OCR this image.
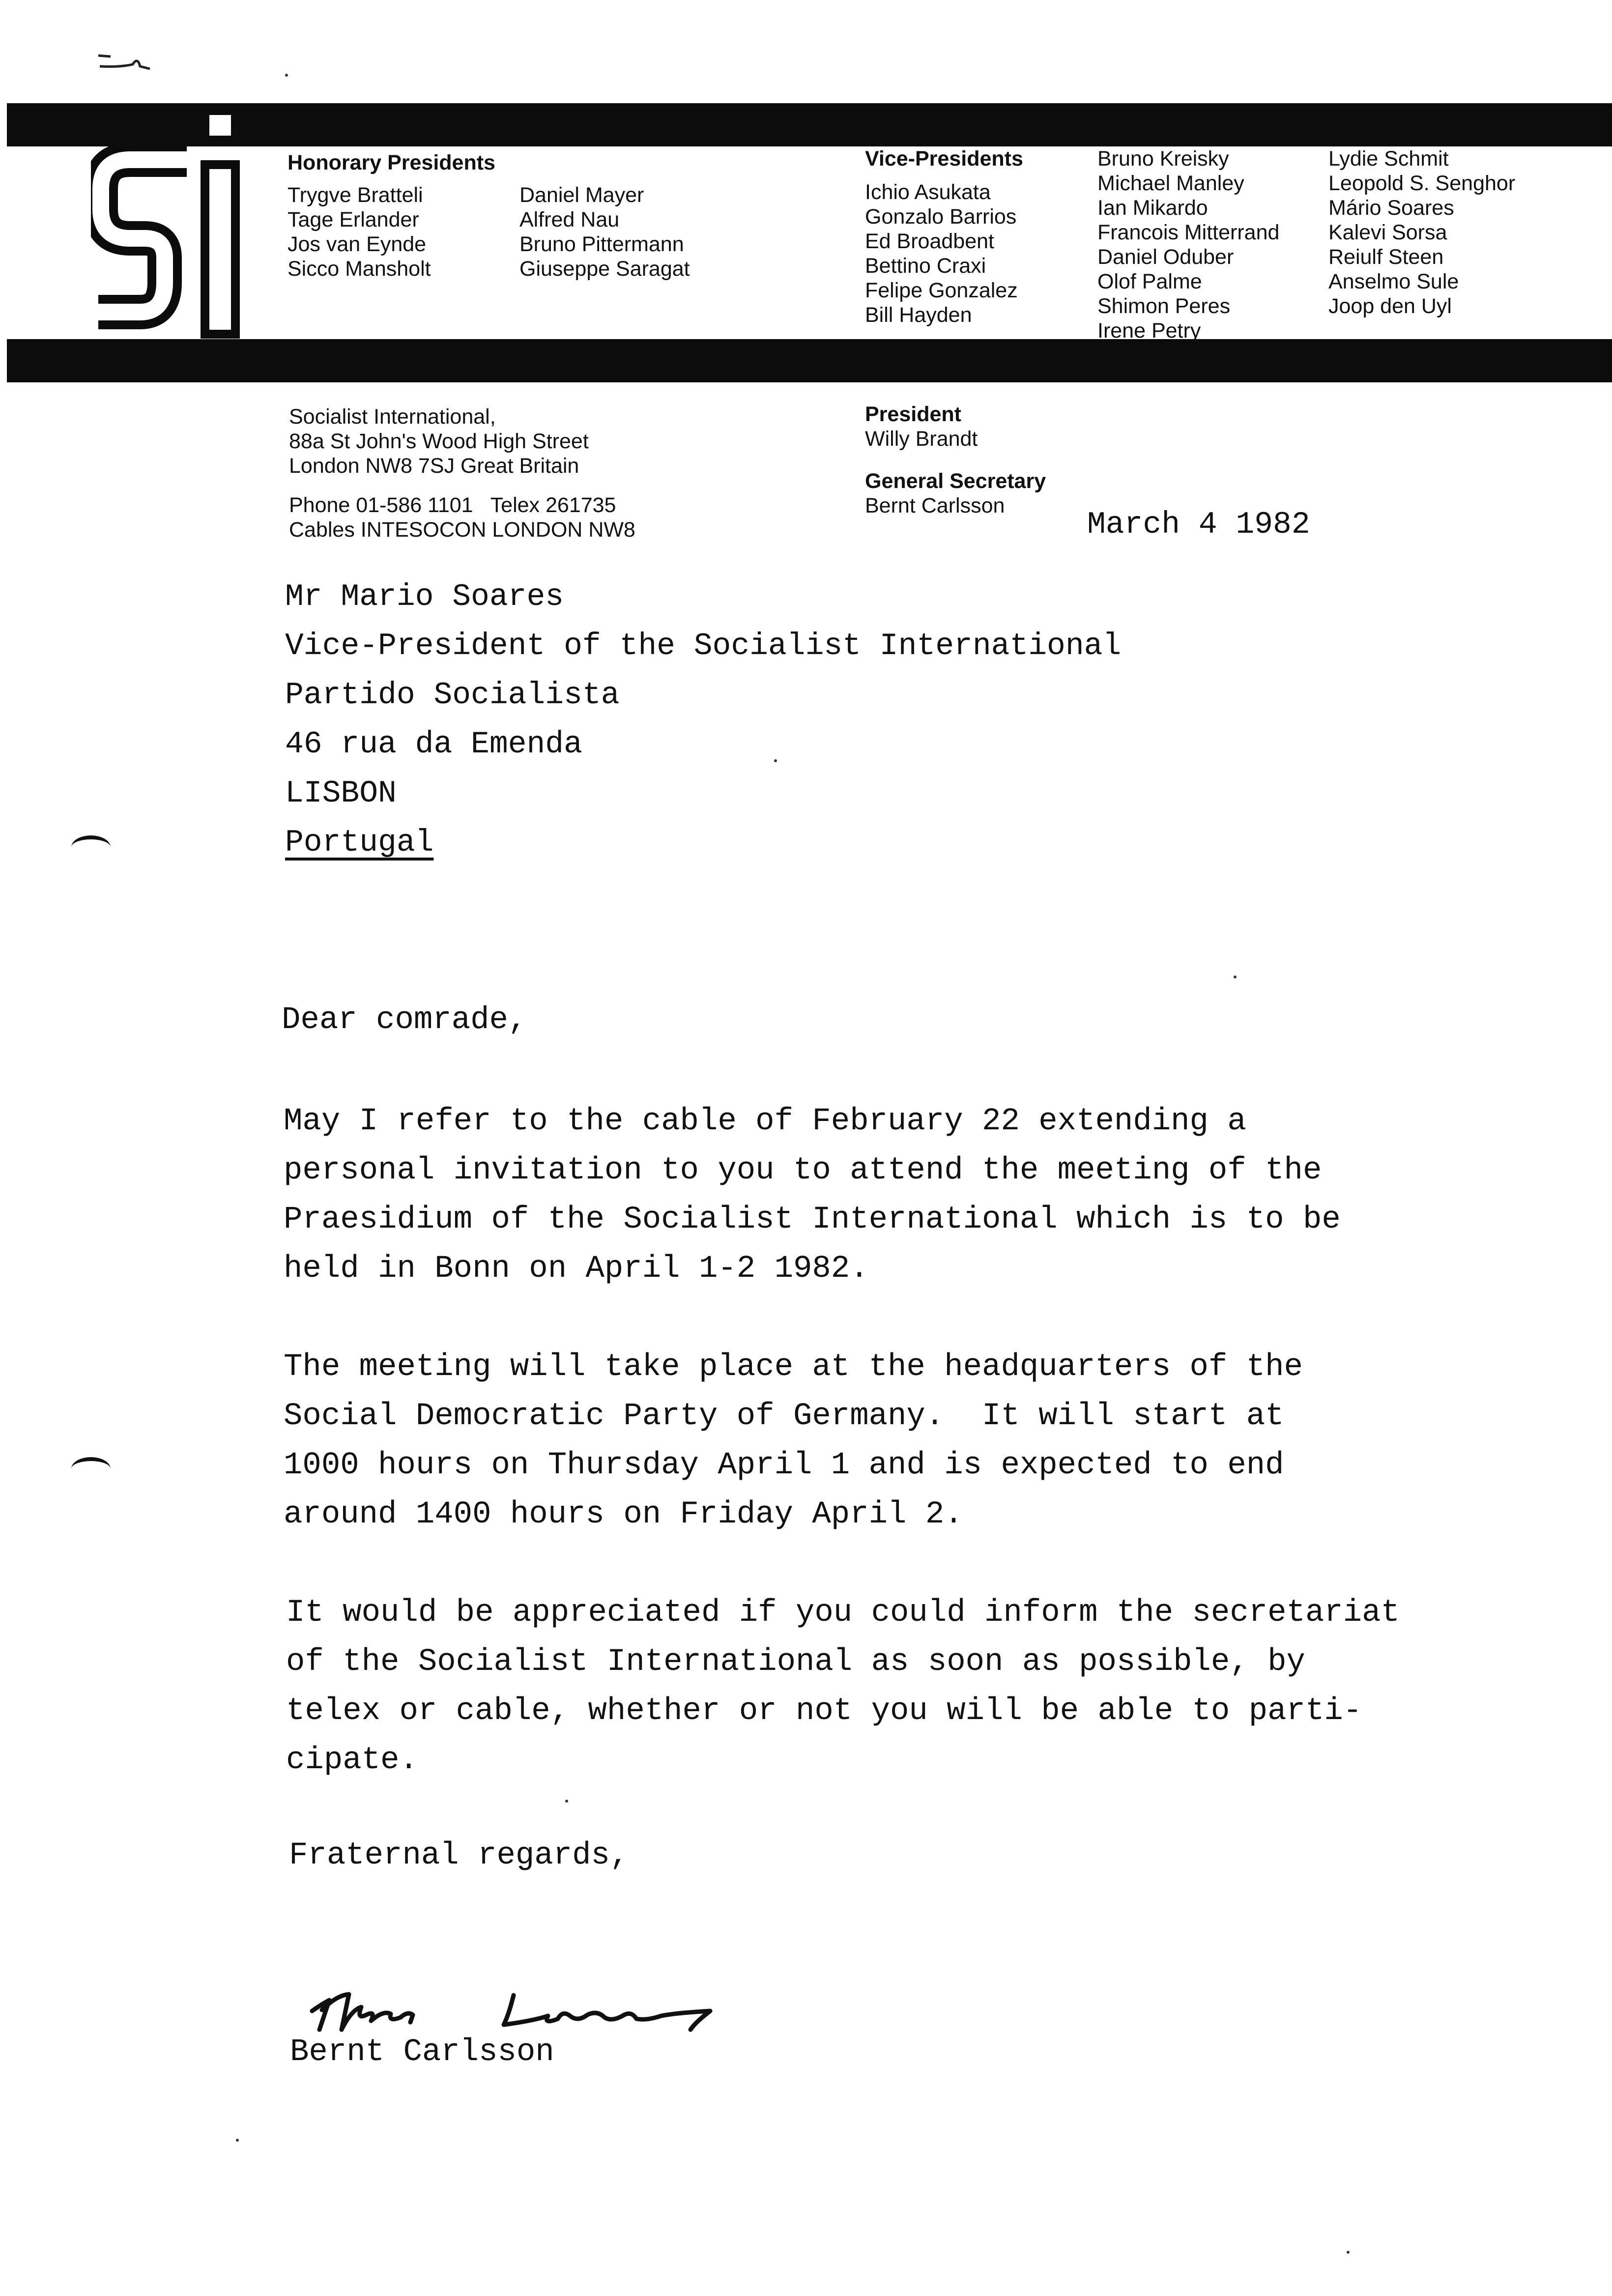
si
Honorary Presidents
Trygve Bratteli
Tage Erlander
Jos van Eynde
Sicco Mansholt
Daniel Mayer
Alfred Nau
Bruno Pittermann
Giuseppe Saragat
Vice-Presidents
Ichio Asukata
Gonzalo Barrios
Ed Broadbent
Bettino Craxi
Felipe Gonzalez
Bill Hayden
Bruno Kreisky
Michael Manley
Ian Mikardo
Francois Mitterrand
Daniel Oduber
Olof Palme
Shimon Peres
Irene Petry
Lydie Schmit
Leopold S. Senghor
Mário Soares
Kalevi Sorsa
Reiulf Steen
Anselmo Sule
Joop den Uyl
Socialist International,
88a St John's Wood High Street
London NW8 7SJ Great Britain
Phone 01-586 1101   Telex 261735
Cables INTESOCON LONDON NW8
President
Willy Brandt
General Secretary
Bernt Carlsson
March 4 1982
Mr Mario Soares
Vice-President of the Socialist International
Partido Socialista
46 rua da Emenda
LISBON
Portugal
Dear comrade,
May I refer to the cable of February 22 extending a
personal invitation to you to attend the meeting of the
Praesidium of the Socialist International which is to be
held in Bonn on April 1-2 1982.
The meeting will take place at the headquarters of the
Social Democratic Party of Germany.  It will start at
1000 hours on Thursday April 1 and is expected to end
around 1400 hours on Friday April 2.
It would be appreciated if you could inform the secretariat
of the Socialist International as soon as possible, by
telex or cable, whether or not you will be able to parti-
cipate.
Fraternal regards,
Bernt Carlsson
